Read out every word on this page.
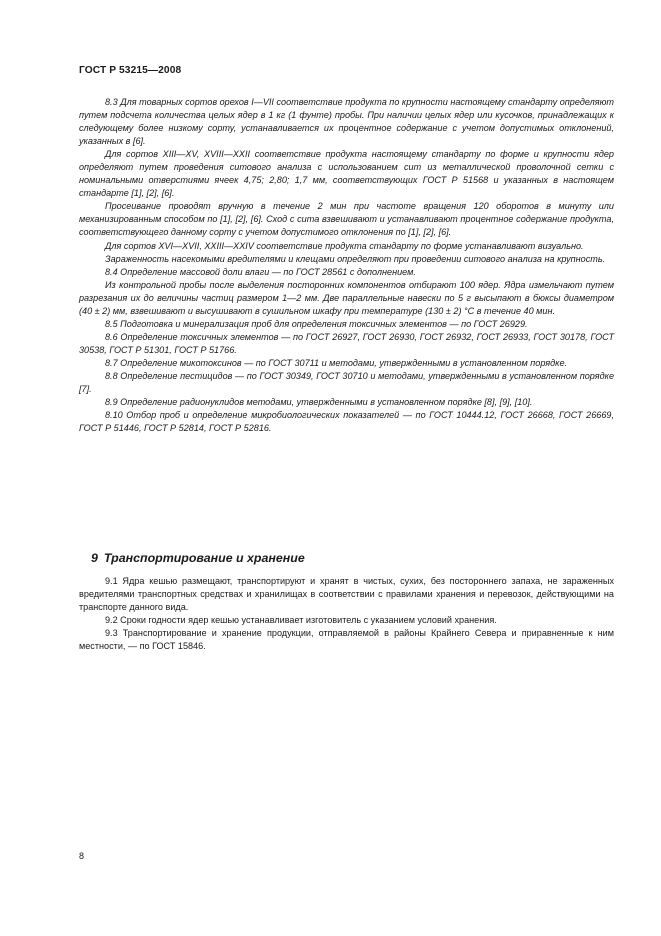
ГОСТ Р 53215—2008

8.3 Для товарных сортов орехов I—VII соответствие продукта по крупности настоящему стандарту определяют путем подсчета количества целых ядер в 1 кг (1 фунте) пробы. При наличии целых ядер или кусочков, принадлежащих к следующему более низкому сорту, устанавливается их процентное содержание с учетом допустимых отклонений, указанных в [6].

Для сортов XIII—XV, XVIII—XXII соответствие продукта настоящему стандарту по форме и крупности ядер определяют путем проведения ситового анализа с использованием сит из металлической проволочной сетки с номинальными отверстиями ячеек 4,75; 2,80; 1,7 мм, соответствующих ГОСТ Р 51568 и указанных в настоящем стандарте [1], [2], [6].

Просеивание проводят вручную в течение 2 мин при частоте вращения 120 оборотов в минуту или механизированным способом по [1], [2], [6]. Сход с сита взвешивают и устанавливают процентное содержание продукта, соответствующего данному сорту с учетом допустимого отклонения по [1], [2], [6].

Для сортов XVI—XVII, XXIII—XXIV соответствие продукта стандарту по форме устанавливают визуально.

Зараженность насекомыми вредителями и клещами определяют при проведении ситового анализа на крупность.

8.4 Определение массовой доли влаги — по ГОСТ 28561 с дополнением.

Из контрольной пробы после выделения посторонних компонентов отбирают 100 ядер. Ядра измельчают путем разрезания их до величины частиц размером 1—2 мм. Две параллельные навески по 5 г высыпают в бюксы диаметром (40 ± 2) мм, взвешивают и высушивают в сушильном шкафу при температуре (130 ± 2) °С в течение 40 мин.

8.5 Подготовка и минерализация проб для определения токсичных элементов — по ГОСТ 26929.

8.6 Определение токсичных элементов — по ГОСТ 26927, ГОСТ 26930, ГОСТ 26932, ГОСТ 26933, ГОСТ 30178, ГОСТ 30538, ГОСТ Р 51301, ГОСТ Р 51766.

8.7 Определение микотоксинов — по ГОСТ 30711 и методами, утвержденными в установленном порядке.

8.8 Определение пестицидов — по ГОСТ 30349, ГОСТ 30710 и методами, утвержденными в установленном порядке [7].

8.9 Определение радионуклидов методами, утвержденными в установленном порядке [8], [9], [10].

8.10 Отбор проб и определение микробиологических показателей — по ГОСТ 10444.12, ГОСТ 26668, ГОСТ 26669, ГОСТ Р 51446, ГОСТ Р 52814, ГОСТ Р 52816.

9 Транспортирование и хранение

9.1 Ядра кешью размещают, транспортируют и хранят в чистых, сухих, без постороннего запаха, не зараженных вредителями транспортных средствах и хранилищах в соответствии с правилами хранения и перевозок, действующими на транспорте данного вида.

9.2 Сроки годности ядер кешью устанавливает изготовитель с указанием условий хранения.

9.3 Транспортирование и хранение продукции, отправляемой в районы Крайнего Севера и приравненные к ним местности, — по ГОСТ 15846.

8
